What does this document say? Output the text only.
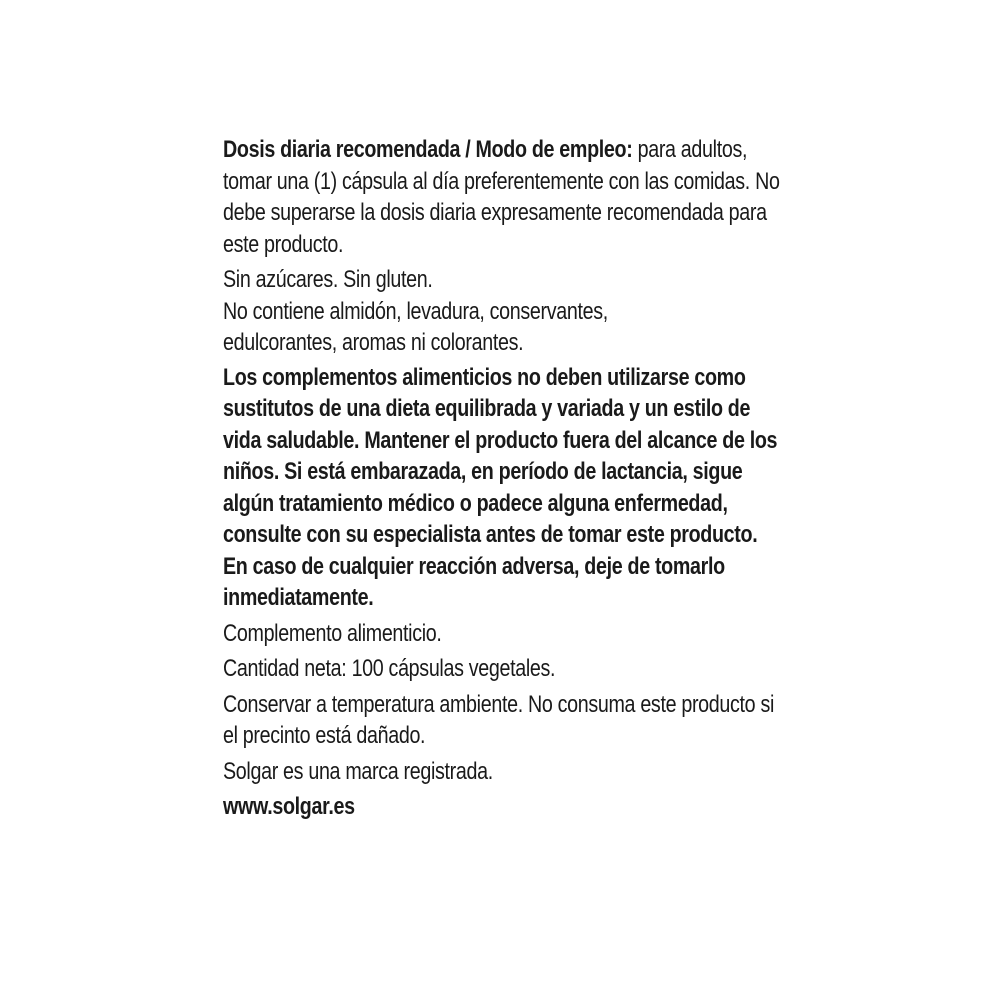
Dosis diaria recomendada / Modo de empleo: para adultos, tomar una (1) cápsula al día preferentemente con las comidas. No debe superarse la dosis diaria expresamente recomendada para este producto.

Sin azúcares. Sin gluten.
No contiene almidón, levadura, conservantes,
edulcorantes, aromas ni colorantes.

Los complementos alimenticios no deben utilizarse como sustitutos de una dieta equilibrada y variada y un estilo de vida saludable. Mantener el producto fuera del alcance de los niños. Si está embarazada, en período de lactancia, sigue algún tratamiento médico o padece alguna enfermedad, consulte con su especialista antes de tomar este producto.
En caso de cualquier reacción adversa, deje de tomarlo inmediatamente.

Complemento alimenticio.

Cantidad neta: 100 cápsulas vegetales.

Conservar a temperatura ambiente. No consuma este producto si el precinto está dañado.

Solgar es una marca registrada.

www.solgar.es
